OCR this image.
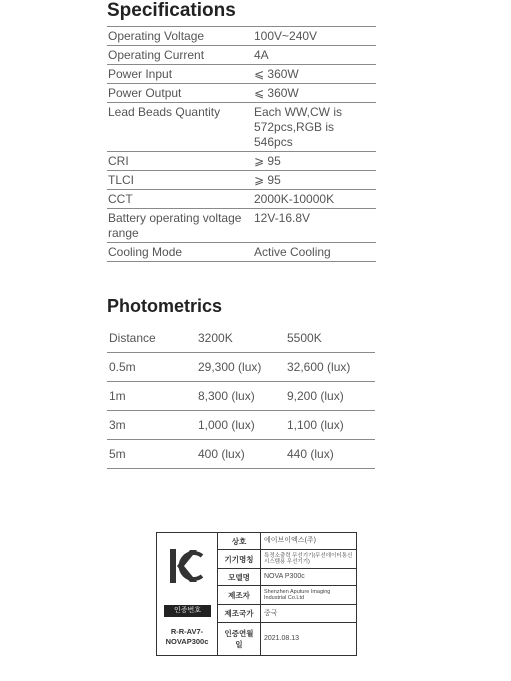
Specifications
Operating Voltage	100V~240V
Operating Current	4A
Power Input	⩽ 360W
Power Output	⩽ 360W
Lead Beads Quantity	Each WW,CW is 572pcs,RGB is 546pcs
CRI	⩾ 95
TLCI	⩾ 95
CCT	2000K-10000K
Battery operating voltage range	12V-16.8V
Cooling Mode	Active Cooling
Photometrics
Distance	3200K	5500K
0.5m	29,300 (lux)	32,600 (lux)
1m	8,300 (lux)	9,200 (lux)
3m	1,000 (lux)	1,100 (lux)
5m	400 (lux)	440 (lux)
인증번호
R-R-AV7-NOVAP300c
상호	에이브이엑스(주)
기기명칭	특정소출력 무선기기(무선데이터통신시스템용 무선기기)
모델명	NOVA P300c
제조자	Shenzhen Aputure Imaging Industrial Co.Ltd
제조국가	중국
인증연월일	2021.08.13
